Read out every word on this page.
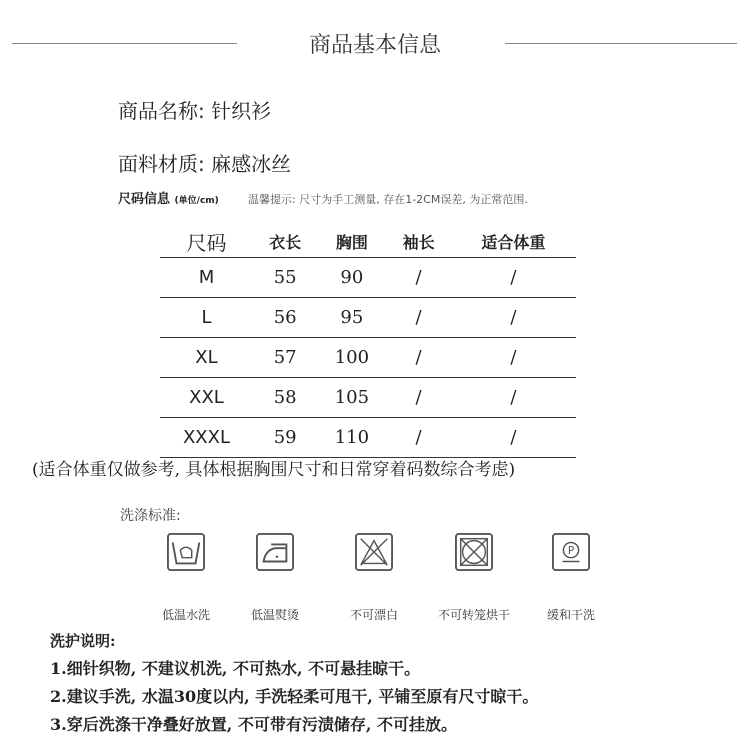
商品基本信息
商品名称: 针织衫
面料材质: 麻感冰丝
尺码信息 (单位/cm)	温馨提示: 尺寸为手工测量, 存在1-2CM误差, 为正常范围.
尺码	衣长	胸围	袖长	适合体重
M	55	90	/	/
L	56	95	/	/
XL	57	100	/	/
XXL	58	105	/	/
XXXL	59	110	/	/
(适合体重仅做参考, 具体根据胸围尺寸和日常穿着码数综合考虑)
洗涤标准:
P
低温水洗	低温熨烫	不可漂白	不可转笼烘干	缓和干洗
洗护说明:
1.细针织物, 不建议机洗, 不可热水, 不可悬挂晾干。
2.建议手洗, 水温30度以内, 手洗轻柔可甩干, 平铺至原有尺寸晾干。
3.穿后洗涤干净叠好放置, 不可带有污渍储存, 不可挂放。
